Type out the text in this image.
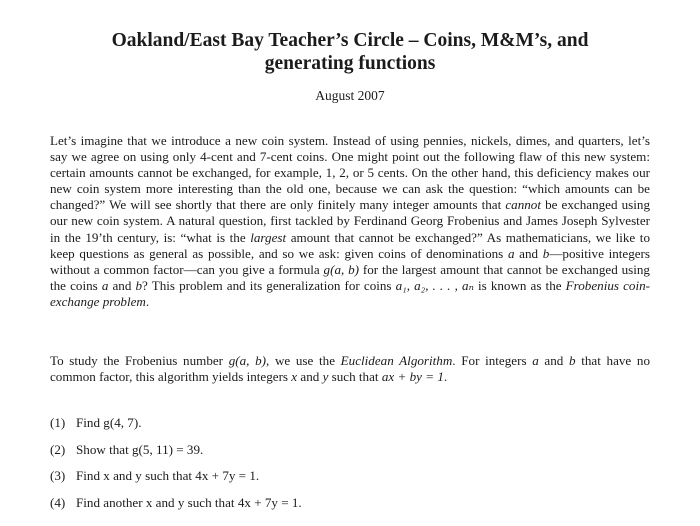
Oakland/East Bay Teacher’s Circle – Coins, M&M’s, and
generating functions
August 2007

Let’s imagine that we introduce a new coin system. Instead of using pennies, nickels, dimes, and quarters, let’s say we agree on using only 4-cent and 7-cent coins. One might point out the following flaw of this new system: certain amounts cannot be exchanged, for example, 1, 2, or 5 cents. On the other hand, this deficiency makes our new coin system more interesting than the old one, because we can ask the question: “which amounts can be changed?” We will see shortly that there are only finitely many integer amounts that cannot be exchanged using our new coin system. A natural question, first tackled by Ferdinand Georg Frobenius and James Joseph Sylvester in the 19’th century, is: “what is the largest amount that cannot be exchanged?” As mathematicians, we like to keep questions as general as possible, and so we ask: given coins of denominations a and b—positive integers without a common factor—can you give a formula g(a, b) for the largest amount that cannot be exchanged using the coins a and b? This problem and its generalization for coins a₁, a₂, . . . , aₙ is known as the Frobenius coin-exchange problem.

To study the Frobenius number g(a, b), we use the Euclidean Algorithm. For integers a and b that have no common factor, this algorithm yields integers x and y such that ax + by = 1.

(1) Find g(4, 7).
(2) Show that g(5, 11) = 39.
(3) Find x and y such that 4x + 7y = 1.
(4) Find another x and y such that 4x + 7y = 1.
